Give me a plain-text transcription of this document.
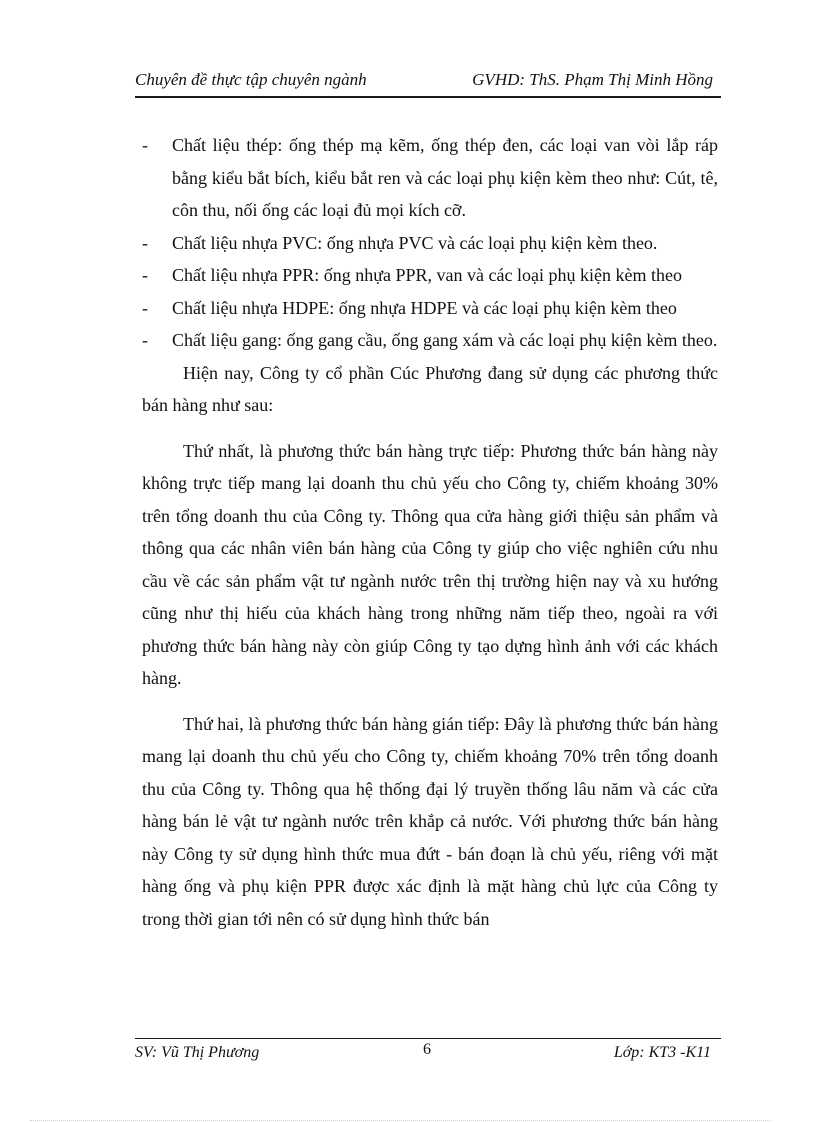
Chuyên đề thực tập chuyên ngành	GVHD: ThS. Phạm Thị Minh Hồng
- Chất liệu thép: ống thép mạ kẽm, ống thép đen, các loại van vòi lắp ráp bằng kiểu bắt bích, kiểu bắt ren và các loại phụ kiện kèm theo như: Cút, tê, côn thu, nối ống các loại đủ mọi kích cỡ.
- Chất liệu nhựa PVC: ống nhựa PVC và các loại phụ kiện kèm theo.
- Chất liệu nhựa PPR: ống nhựa PPR, van và các loại phụ kiện kèm theo
- Chất liệu nhựa HDPE: ống nhựa HDPE và các loại phụ kiện kèm theo
- Chất liệu gang: ống gang cầu, ống gang xám và các loại phụ kiện kèm theo.

Hiện nay, Công ty cổ phần Cúc Phương đang sử dụng các phương thức bán hàng như sau:

Thứ nhất, là phương thức bán hàng trực tiếp: Phương thức bán hàng này không trực tiếp mang lại doanh thu chủ yếu cho Công ty, chiếm khoảng 30% trên tổng doanh thu của Công ty. Thông qua cửa hàng giới thiệu sản phẩm và thông qua các nhân viên bán hàng của Công ty giúp cho việc nghiên cứu nhu cầu về các sản phẩm vật tư ngành nước trên thị trường hiện nay và xu hướng cũng như thị hiếu của khách hàng trong những năm tiếp theo, ngoài ra với phương thức bán hàng này còn giúp Công ty tạo dựng hình ảnh với các khách hàng.

Thứ hai, là phương thức bán hàng gián tiếp: Đây là phương thức bán hàng mang lại doanh thu chủ yếu cho Công ty, chiếm khoảng 70% trên tổng doanh thu của Công ty. Thông qua hệ thống đại lý truyền thống lâu năm và các cửa hàng bán lẻ vật tư ngành nước trên khắp cả nước. Với phương thức bán hàng này Công ty sử dụng hình thức mua đứt - bán đoạn là chủ yếu, riêng với mặt hàng ống và phụ kiện PPR được xác định là mặt hàng chủ lực của Công ty trong thời gian tới nên có sử dụng hình thức bán

SV: Vũ Thị Phương	6	Lớp: KT3 -K11
